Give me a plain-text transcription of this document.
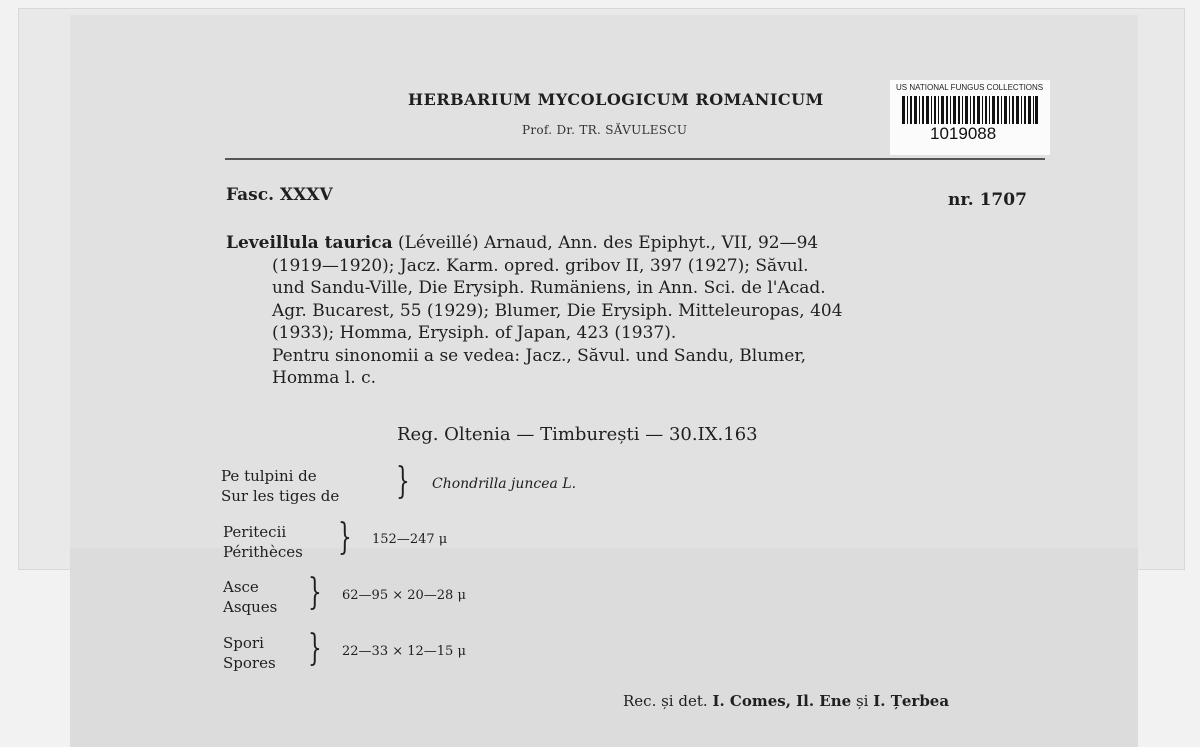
HERBARIUM MYCOLOGICUM ROMANICUM
Prof. Dr. TR. SĂVULESCU
US NATIONAL FUNGUS COLLECTIONS
1019088
Fasc. XXXV	nr. 1707
Leveillula taurica (Léveillé) Arnaud, Ann. des Epiphyt., VII, 92—94
(1919—1920); Jacz. Karm. opred. gribov II, 397 (1927); Săvul.
und Sandu-Ville, Die Erysiph. Rumäniens, in Ann. Sci. de l'Acad.
Agr. Bucarest, 55 (1929); Blumer, Die Erysiph. Mitteleuropas, 404
(1933); Homma, Erysiph. of Japan, 423 (1937).
Pentru sinonomii a se vedea: Jacz., Săvul. und Sandu, Blumer,
Homma l. c.
Reg. Oltenia — Timburești — 30.IX.163
Pe tulpini de
Sur les tiges de } Chondrilla juncea L.
Peritecii
Périthèces } 152—247 μ
Asce
Asques } 62—95 × 20—28 μ
Spori
Spores } 22—33 × 12—15 μ
Rec. și det. I. Comes, Il. Ene și I. Țerbea
